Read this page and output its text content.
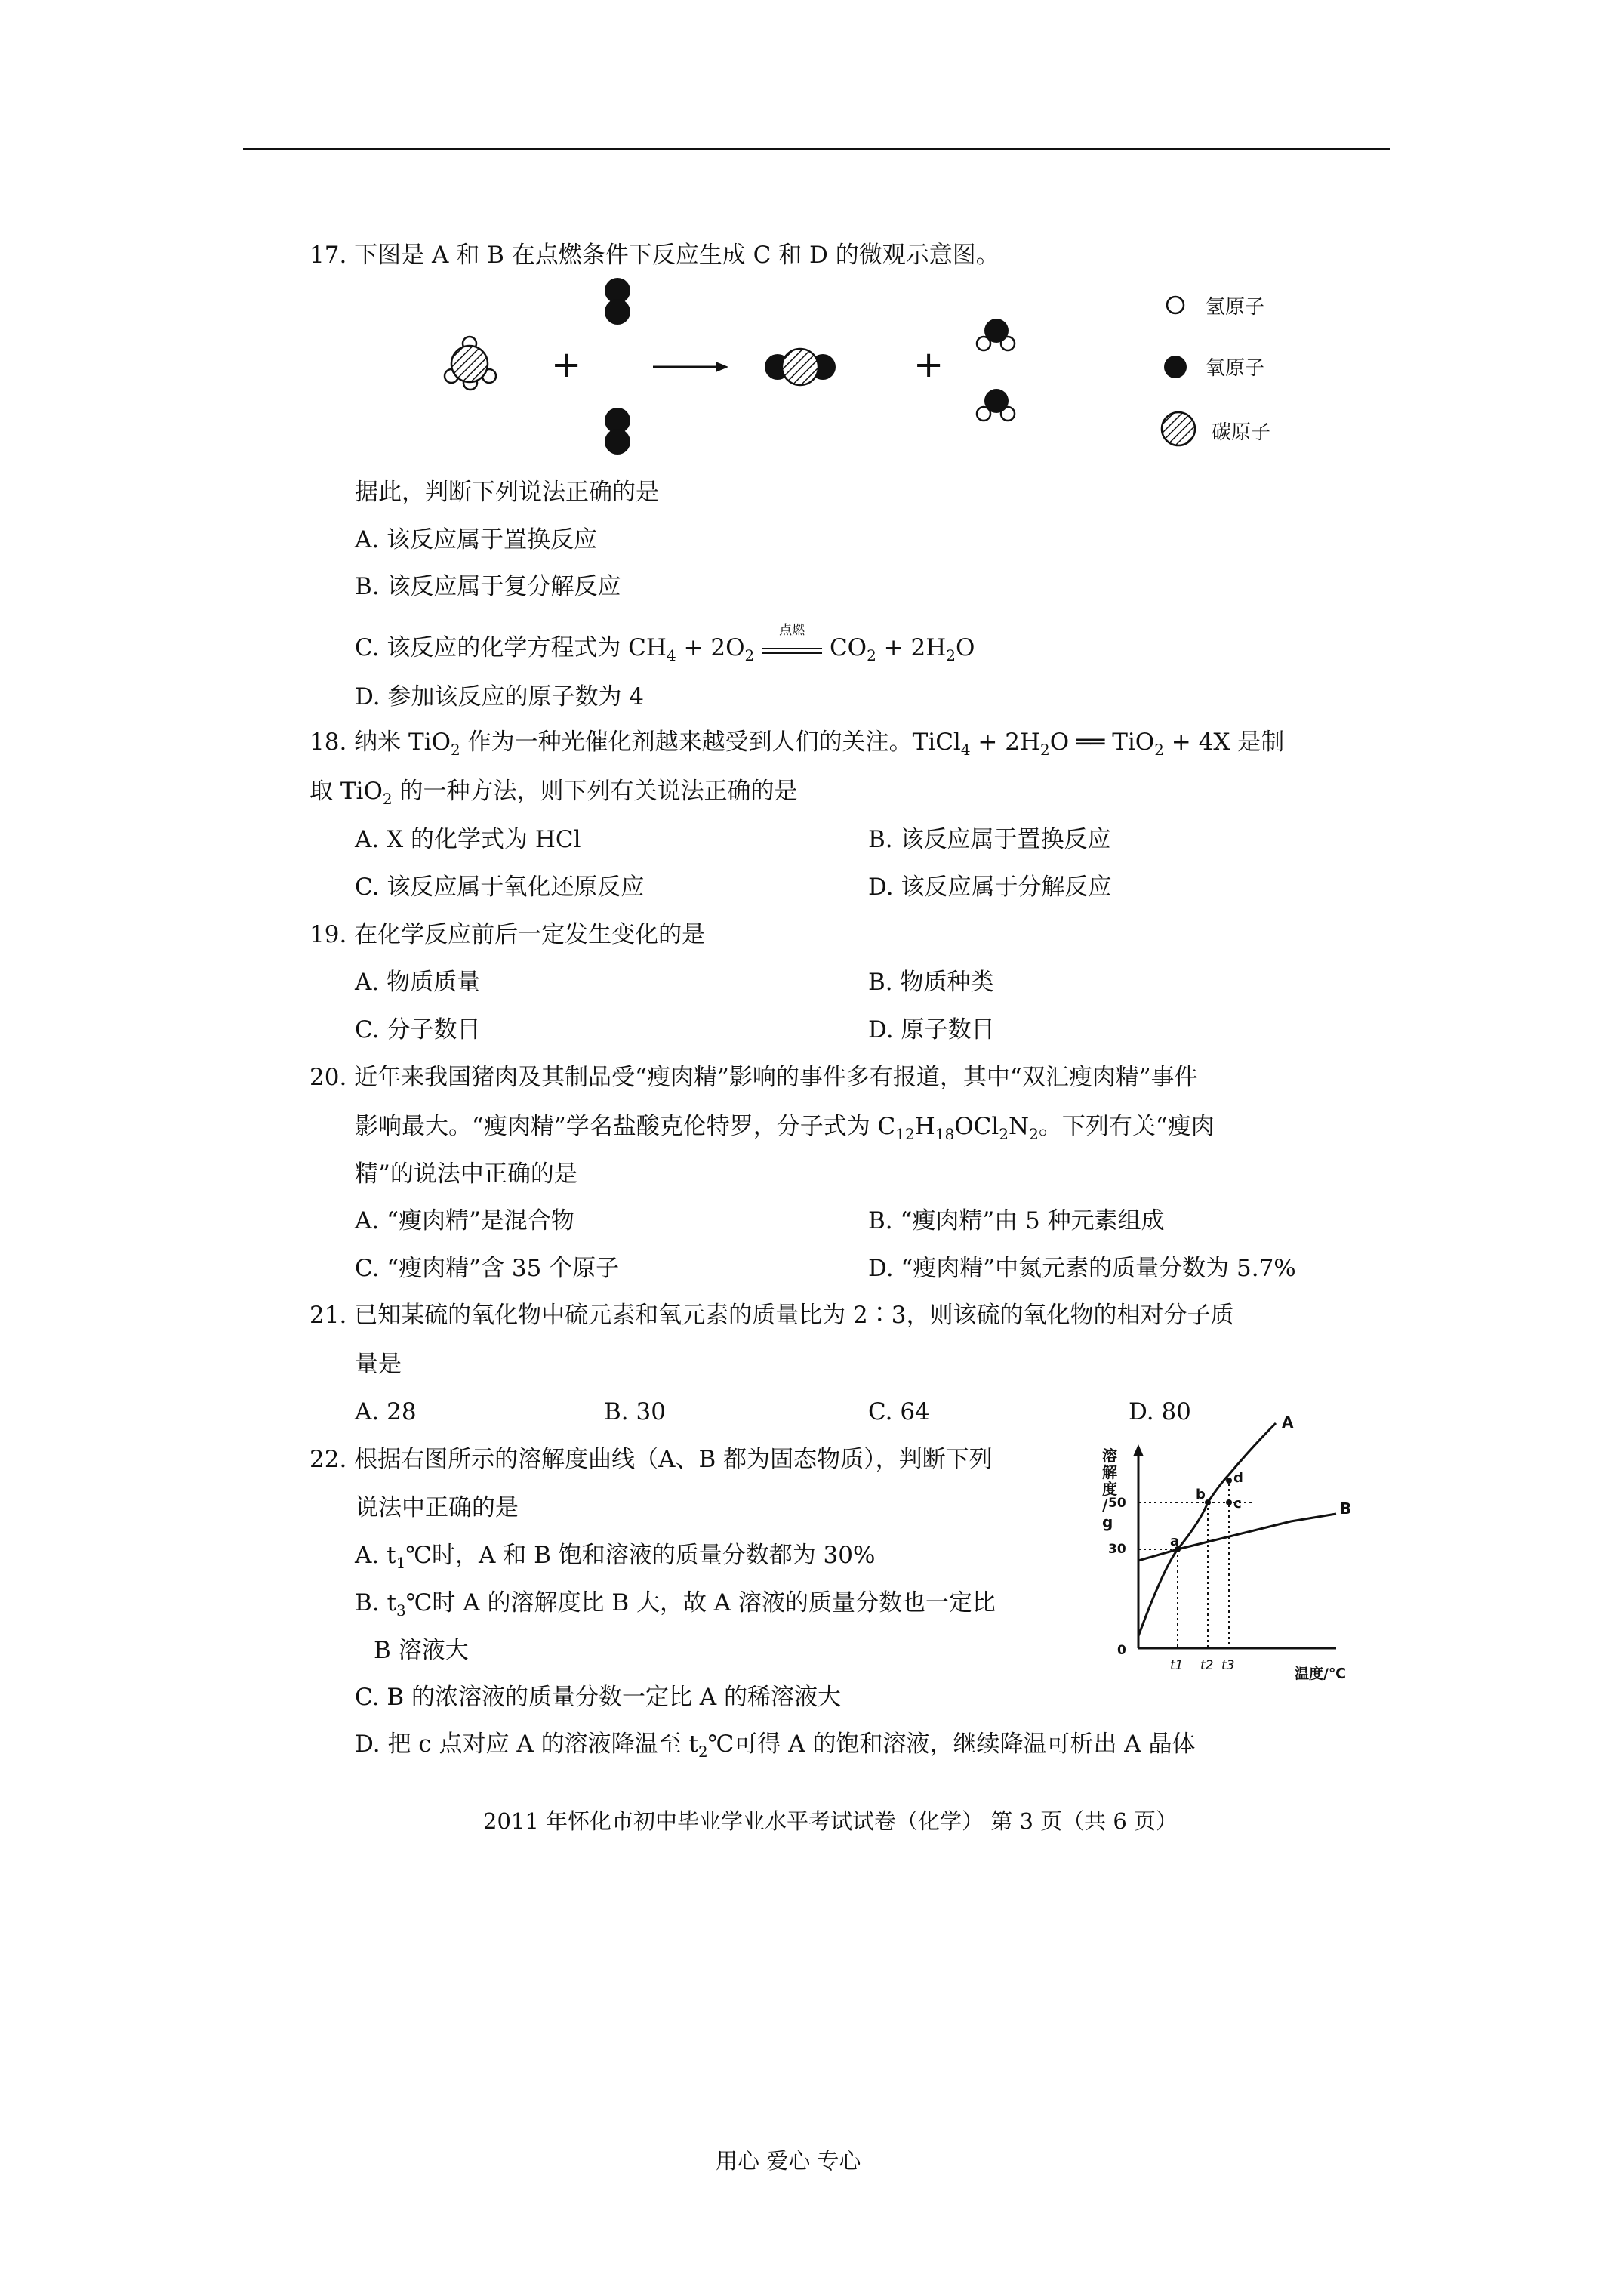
17. 下图是 A 和 B 在点燃条件下反应生成 C 和 D 的微观示意图。
+	+
氢原子
氧原子
碳原子
据此，判断下列说法正确的是
A. 该反应属于置换反应
B. 该反应属于复分解反应
C. 该反应的化学方程式为 $CH_4 + 2O_2$
点燃
$CO_2 + 2H_2O$
D. 参加该反应的原子数为 4
18. 纳米 TiO$_2$ 作为一种光催化剂越来越受到人们的关注。TiCl$_4$ + $2H_2O$ ══ TiO$_2$ + 4X 是制
取 TiO$_2$ 的一种方法，则下列有关说法正确的是
A. X 的化学式为 HCl	B. 该反应属于置换反应
C. 该反应属于氧化还原反应	D. 该反应属于分解反应
19. 在化学反应前后一定发生变化的是
A. 物质质量	B. 物质种类
C. 分子数目	D. 原子数目
20. 近年来我国猪肉及其制品受“瘦肉精”影响的事件多有报道，其中“双汇瘦肉精”事件
影响最大。“瘦肉精”学名盐酸克伦特罗，分子式为 $C_{12}H_{18}OCl_2N_2$。下列有关“瘦肉
精”的说法中正确的是
A. “瘦肉精”是混合物	B. “瘦肉精”由 5 种元素组成
C. “瘦肉精”含 35 个原子	D. “瘦肉精”中氮元素的质量分数为 5.7%
21. 已知某硫的氧化物中硫元素和氧元素的质量比为 2∶3，则该硫的氧化物的相对分子质
量是
A. 28	B. 30	C. 64	D. 80
22. 根据右图所示的溶解度曲线（A、B 都为固态物质），判断下列
说法中正确的是
A. $t_1℃$时，A 和 B 饱和溶液的质量分数都为 30%
B. $t_3℃$时 A 的溶解度比 B 大，故 A 溶液的质量分数也一定比
B 溶液大
C. B 的浓溶液的质量分数一定比 A 的稀溶液大
D. 把 c 点对应 A 的溶液降温至 $t_2℃$可得 A 的饱和溶液，继续降温可析出 A 晶体
溶解度/ g
50
30
0
a
b
c
d
A
B
t1 t2 t3	温度/℃
2011 年怀化市初中毕业学业水平考试试卷（化学） 第 3 页（共 6 页）
用心 爱心 专心
